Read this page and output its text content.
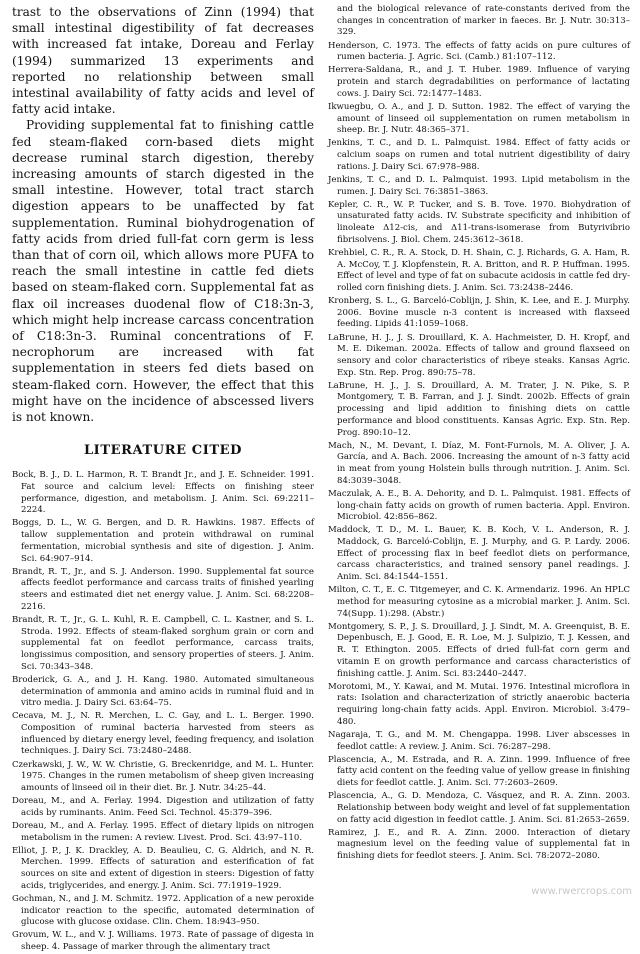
trast to the observations of Zinn (1994) that small intestinal digestibility of fat decreases with increased fat intake, Doreau and Ferlay (1994) summarized 13 experiments and reported no relationship between small intestinal availability of fatty acids and level of fatty acid intake.

Providing supplemental fat to finishing cattle fed steam-flaked corn-based diets might decrease ruminal starch digestion, thereby increasing amounts of starch digested in the small intestine. However, total tract starch digestion appears to be unaffected by fat supplementation. Ruminal biohydrogenation of fatty acids from dried full-fat corn germ is less than that of corn oil, which allows more PUFA to reach the small intestine in cattle fed diets based on steam-flaked corn. Supplemental fat as flax oil increases duodenal flow of C18:3n-3, which might help increase carcass concentration of C18:3n-3. Ruminal concentrations of F. necrophorum are increased with fat supplementation in steers fed diets based on steam-flaked corn. However, the effect that this might have on the incidence of abscessed livers is not known.

LITERATURE CITED
Bock, B. J., D. L. Harmon, R. T. Brandt Jr., and J. E. Schneider. 1991. Fat source and calcium level: Effects on finishing steer performance, digestion, and metabolism. J. Anim. Sci. 69:2211–2224.
Boggs, D. L., W. G. Bergen, and D. R. Hawkins. 1987. Effects of tallow supplementation and protein withdrawal on ruminal fermentation, microbial synthesis and site of digestion. J. Anim. Sci. 64:907–914.
Brandt, R. T., Jr., and S. J. Anderson. 1990. Supplemental fat source affects feedlot performance and carcass traits of finished yearling steers and estimated diet net energy value. J. Anim. Sci. 68:2208–2216.
Brandt, R. T., Jr., G. L. Kuhl, R. E. Campbell, C. L. Kastner, and S. L. Stroda. 1992. Effects of steam-flaked sorghum grain or corn and supplemental fat on feedlot performance, carcass traits, longissimus composition, and sensory properties of steers. J. Anim. Sci. 70:343–348.
Broderick, G. A., and J. H. Kang. 1980. Automated simultaneous determination of ammonia and amino acids in ruminal fluid and in vitro media. J. Dairy Sci. 63:64–75.
Cecava, M. J., N. R. Merchen, L. C. Gay, and L. L. Berger. 1990. Composition of ruminal bacteria harvested from steers as influenced by dietary energy level, feeding frequency, and isolation techniques. J. Dairy Sci. 73:2480–2488.
Czerkawski, J. W., W. W. Christie, G. Breckenridge, and M. L. Hunter. 1975. Changes in the rumen metabolism of sheep given increasing amounts of linseed oil in their diet. Br. J. Nutr. 34:25–44.
Doreau, M., and A. Ferlay. 1994. Digestion and utilization of fatty acids by ruminants. Anim. Feed Sci. Technol. 45:379–396.
Doreau, M., and A. Ferlay. 1995. Effect of dietary lipids on nitrogen metabolism in the rumen: A review. Livest. Prod. Sci. 43:97–110.
Elliot, J. P., J. K. Drackley, A. D. Beaulieu, C. G. Aldrich, and N. R. Merchen. 1999. Effects of saturation and esterification of fat sources on site and extent of digestion in steers: Digestion of fatty acids, triglycerides, and energy. J. Anim. Sci. 77:1919–1929.
Gochman, N., and J. M. Schmitz. 1972. Application of a new peroxide indicator reaction to the specific, automated determination of glucose with glucose oxidase. Clin. Chem. 18:943–950.
Grovum, W. L., and V. J. Williams. 1973. Rate of passage of digesta in sheep. 4. Passage of marker through the alimentary tract
and the biological relevance of rate-constants derived from the changes in concentration of marker in faeces. Br. J. Nutr. 30:313–329.
Henderson, C. 1973. The effects of fatty acids on pure cultures of rumen bacteria. J. Agric. Sci. (Camb.) 81:107–112.
Herrera-Saldana, R., and J. T. Huber. 1989. Influence of varying protein and starch degradabilities on performance of lactating cows. J. Dairy Sci. 72:1477–1483.
Ikwuegbu, O. A., and J. D. Sutton. 1982. The effect of varying the amount of linseed oil supplementation on rumen metabolism in sheep. Br. J. Nutr. 48:365–371.
Jenkins, T. C., and D. L. Palmquist. 1984. Effect of fatty acids or calcium soaps on rumen and total nutrient digestibility of dairy rations. J. Dairy Sci. 67:978–988.
Jenkins, T. C., and D. L. Palmquist. 1993. Lipid metabolism in the rumen. J. Dairy Sci. 76:3851–3863.
Kepler, C. R., W. P. Tucker, and S. B. Tove. 1970. Biohydration of unsaturated fatty acids. IV. Substrate specificity and inhibition of linoleate Δ12-cis, and Δ11-trans-isomerase from Butyrivibrio fibrisolvens. J. Biol. Chem. 245:3612–3618.
Krehbiel, C. R., R. A. Stock, D. H. Shain, C. J. Richards, G. A. Ham, R. A. McCoy, T. J. Klopfenstein, R. A. Britton, and R. P. Huffman. 1995. Effect of level and type of fat on subacute acidosis in cattle fed dry-rolled corn finishing diets. J. Anim. Sci. 73:2438–2446.
Kronberg, S. L., G. Barceló-Coblijn, J. Shin, K. Lee, and E. J. Murphy. 2006. Bovine muscle n-3 content is increased with flaxseed feeding. Lipids 41:1059–1068.
LaBrune, H. J., J. S. Drouillard, K. A. Hachmeister, D. H. Kropf, and M. E. Dikeman. 2002a. Effects of tallow and ground flaxseed on sensory and color characteristics of ribeye steaks. Kansas Agric. Exp. Stn. Rep. Prog. 890:75–78.
LaBrune, H. J., J. S. Drouillard, A. M. Trater, J. N. Pike, S. P. Montgomery, T. B. Farran, and J. J. Sindt. 2002b. Effects of grain processing and lipid addition to finishing diets on cattle performance and blood constituents. Kansas Agric. Exp. Stn. Rep. Prog. 890:10–12.
Mach, N., M. Devant, I. Díaz, M. Font-Furnols, M. A. Oliver, J. A. García, and A. Bach. 2006. Increasing the amount of n-3 fatty acid in meat from young Holstein bulls through nutrition. J. Anim. Sci. 84:3039–3048.
Maczulak, A. E., B. A. Dehority, and D. L. Palmquist. 1981. Effects of long-chain fatty acids on growth of rumen bacteria. Appl. Environ. Microbiol. 42:856–862.
Maddock, T. D., M. L. Bauer, K. B. Koch, V. L. Anderson, R. J. Maddock, G. Barceló-Coblijn, E. J. Murphy, and G. P. Lardy. 2006. Effect of processing flax in beef feedlot diets on performance, carcass characteristics, and trained sensory panel readings. J. Anim. Sci. 84:1544–1551.
Milton, C. T., E. C. Titgemeyer, and C. K. Armendariz. 1996. An HPLC method for measuring cytosine as a microbial marker. J. Anim. Sci. 74(Supp. 1):298. (Abstr.)
Montgomery, S. P., J. S. Drouillard, J. J. Sindt, M. A. Greenquist, B. E. Depenbusch, E. J. Good, E. R. Loe, M. J. Sulpizio, T. J. Kessen, and R. T. Ethington. 2005. Effects of dried full-fat corn germ and vitamin E on growth performance and carcass characteristics of finishing cattle. J. Anim. Sci. 83:2440–2447.
Morotomi, M., Y. Kawai, and M. Mutai. 1976. Intestinal microflora in rats: Isolation and characterization of strictly anaerobic bacteria requiring long-chain fatty acids. Appl. Environ. Microbiol. 3:479–480.
Nagaraja, T. G., and M. M. Chengappa. 1998. Liver abscesses in feedlot cattle: A review. J. Anim. Sci. 76:287–298.
Plascencia, A., M. Estrada, and R. A. Zinn. 1999. Influence of free fatty acid content on the feeding value of yellow grease in finishing diets for feedlot cattle. J. Anim. Sci. 77:2603–2609.
Plascencia, A., G. D. Mendoza, C. Vásquez, and R. A. Zinn. 2003. Relationship between body weight and level of fat supplementation on fatty acid digestion in feedlot cattle. J. Anim. Sci. 81:2653–2659.
Ramirez, J. E., and R. A. Zinn. 2000. Interaction of dietary magnesium level on the feeding value of supplemental fat in finishing diets for feedlot steers. J. Anim. Sci. 78:2072–2080.
www.rwercrops.com
